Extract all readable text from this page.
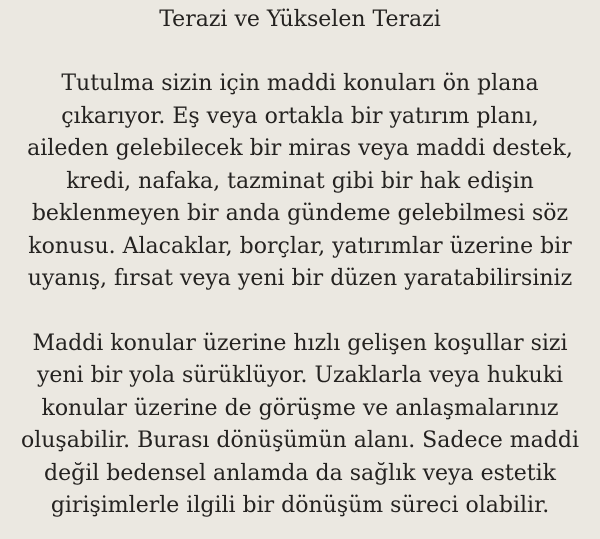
Terazi ve Yükselen Terazi
Tutulma sizin için maddi konuları ön plana
çıkarıyor. Eş veya ortakla bir yatırım planı,
aileden gelebilecek bir miras veya maddi destek,
kredi, nafaka, tazminat gibi bir hak edişin
beklenmeyen bir anda gündeme gelebilmesi söz
konusu. Alacaklar, borçlar, yatırımlar üzerine bir
uyanış, fırsat veya yeni bir düzen yaratabilirsiniz
Maddi konular üzerine hızlı gelişen koşullar sizi
yeni bir yola sürüklüyor. Uzaklarla veya hukuki
konular üzerine de görüşme ve anlaşmalarınız
oluşabilir. Burası dönüşümün alanı. Sadece maddi
değil bedensel anlamda da sağlık veya estetik
girişimlerle ilgili bir dönüşüm süreci olabilir.
